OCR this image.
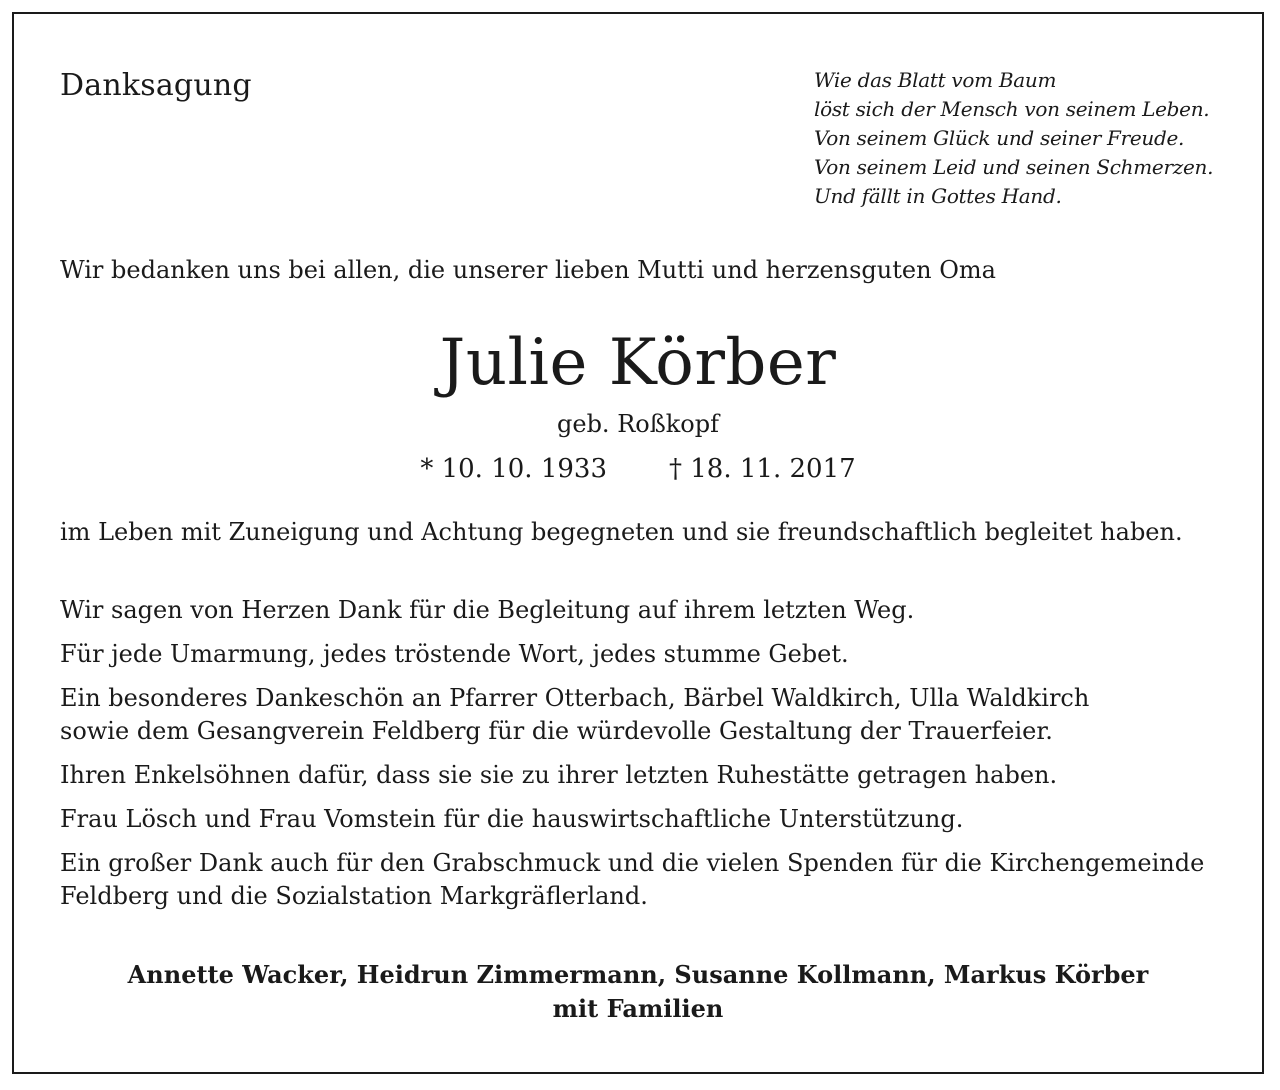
Danksagung	Wie das Blatt vom Baum
löst sich der Mensch von seinem Leben.
Von seinem Glück und seiner Freude.
Von seinem Leid und seinen Schmerzen.
Und fällt in Gottes Hand.
Wir bedanken uns bei allen, die unserer lieben Mutti und herzensguten Oma
Julie Körber
geb. Roßkopf
* 10. 10. 1933 † 18. 11. 2017
im Leben mit Zuneigung und Achtung begegneten und sie freundschaftlich begleitet haben.
Wir sagen von Herzen Dank für die Begleitung auf ihrem letzten Weg.
Für jede Umarmung, jedes tröstende Wort, jedes stumme Gebet.
Ein besonderes Dankeschön an Pfarrer Otterbach, Bärbel Waldkirch, Ulla Waldkirch
sowie dem Gesangverein Feldberg für die würdevolle Gestaltung der Trauerfeier.
Ihren Enkelsöhnen dafür, dass sie sie zu ihrer letzten Ruhestätte getragen haben.
Frau Lösch und Frau Vomstein für die hauswirtschaftliche Unterstützung.
Ein großer Dank auch für den Grabschmuck und die vielen Spenden für die Kirchengemeinde
Feldberg und die Sozialstation Markgräflerland.
Annette Wacker, Heidrun Zimmermann, Susanne Kollmann, Markus Körber
mit Familien
